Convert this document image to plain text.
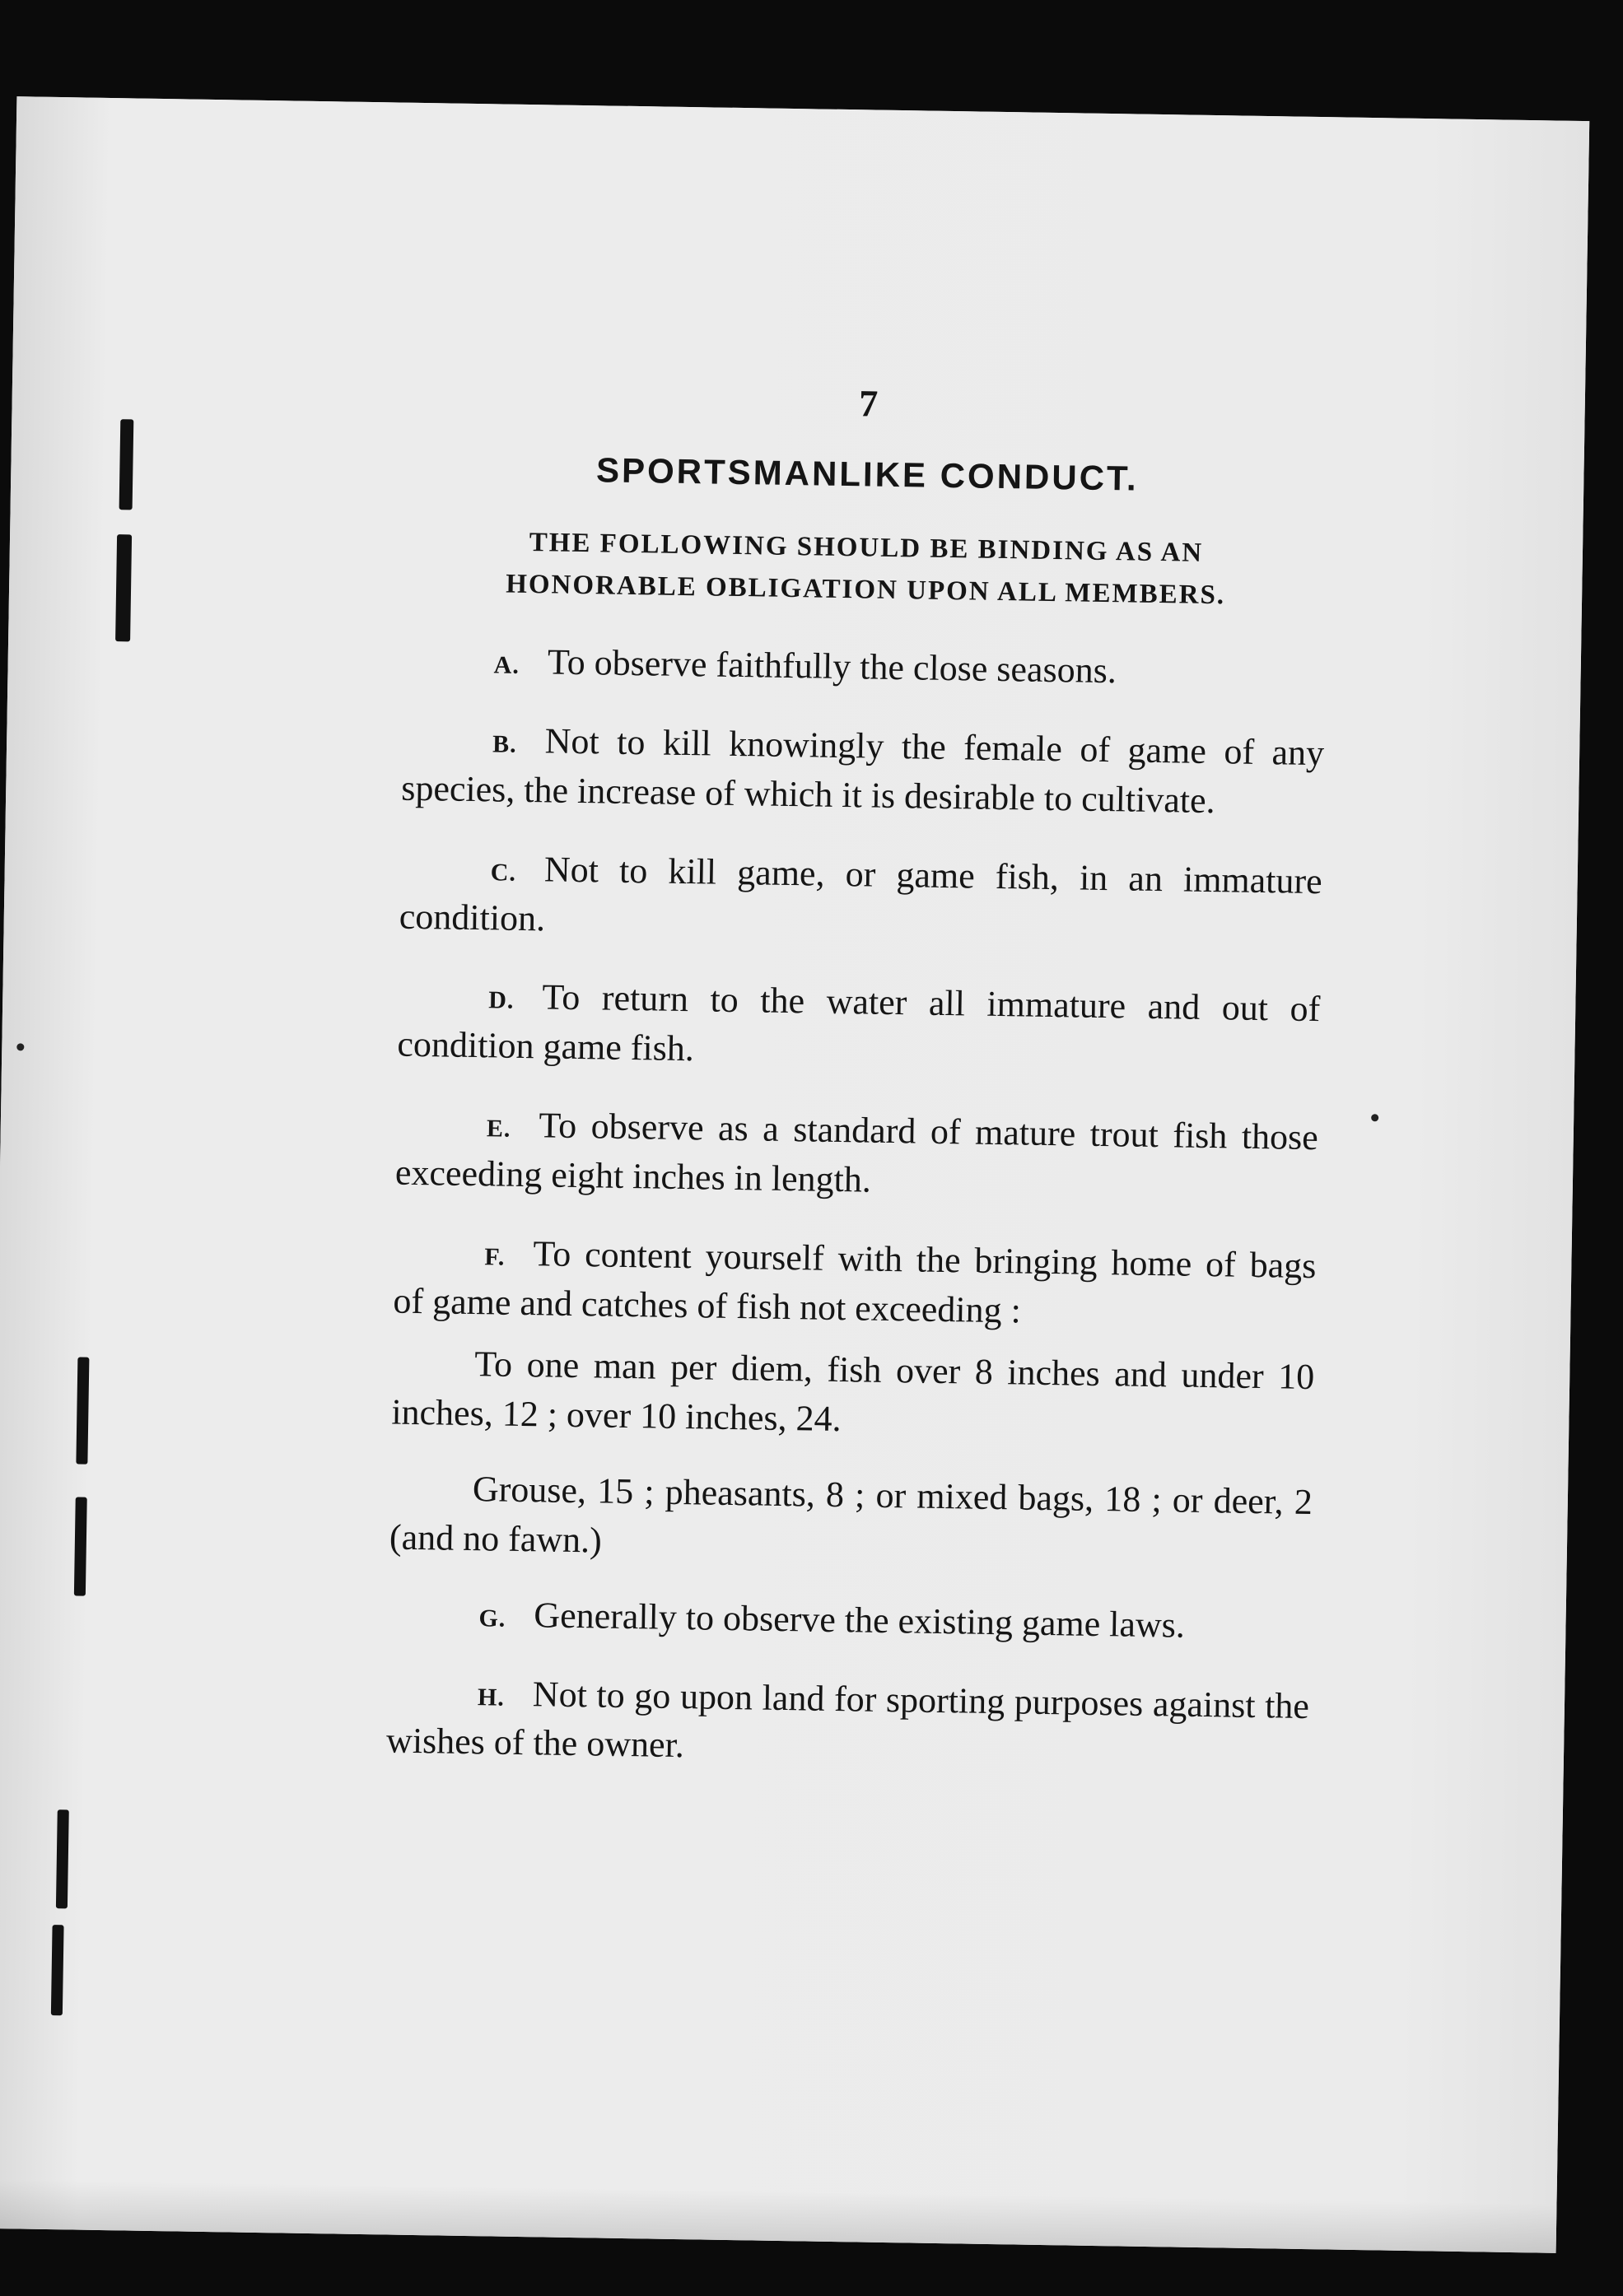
7
SPORTSMANLIKE CONDUCT.
THE FOLLOWING SHOULD BE BINDING AS AN
HONORABLE OBLIGATION UPON ALL MEMBERS.

A. To observe faithfully the close seasons.

B. Not to kill knowingly the female of game of any species, the increase of which it is desirable to cultivate.

C. Not to kill game, or game fish, in an immature condition.

D. To return to the water all immature and out of condition game fish.

E. To observe as a standard of mature trout fish those exceeding eight inches in length.

F. To content yourself with the bringing home of bags of game and catches of fish not exceeding :

To one man per diem, fish over 8 inches and under 10 inches, 12 ; over 10 inches, 24.

Grouse, 15 ; pheasants, 8 ; or mixed bags, 18 ; or deer, 2 (and no fawn.)

G. Generally to observe the existing game laws.

H. Not to go upon land for sporting purposes against the wishes of the owner.
